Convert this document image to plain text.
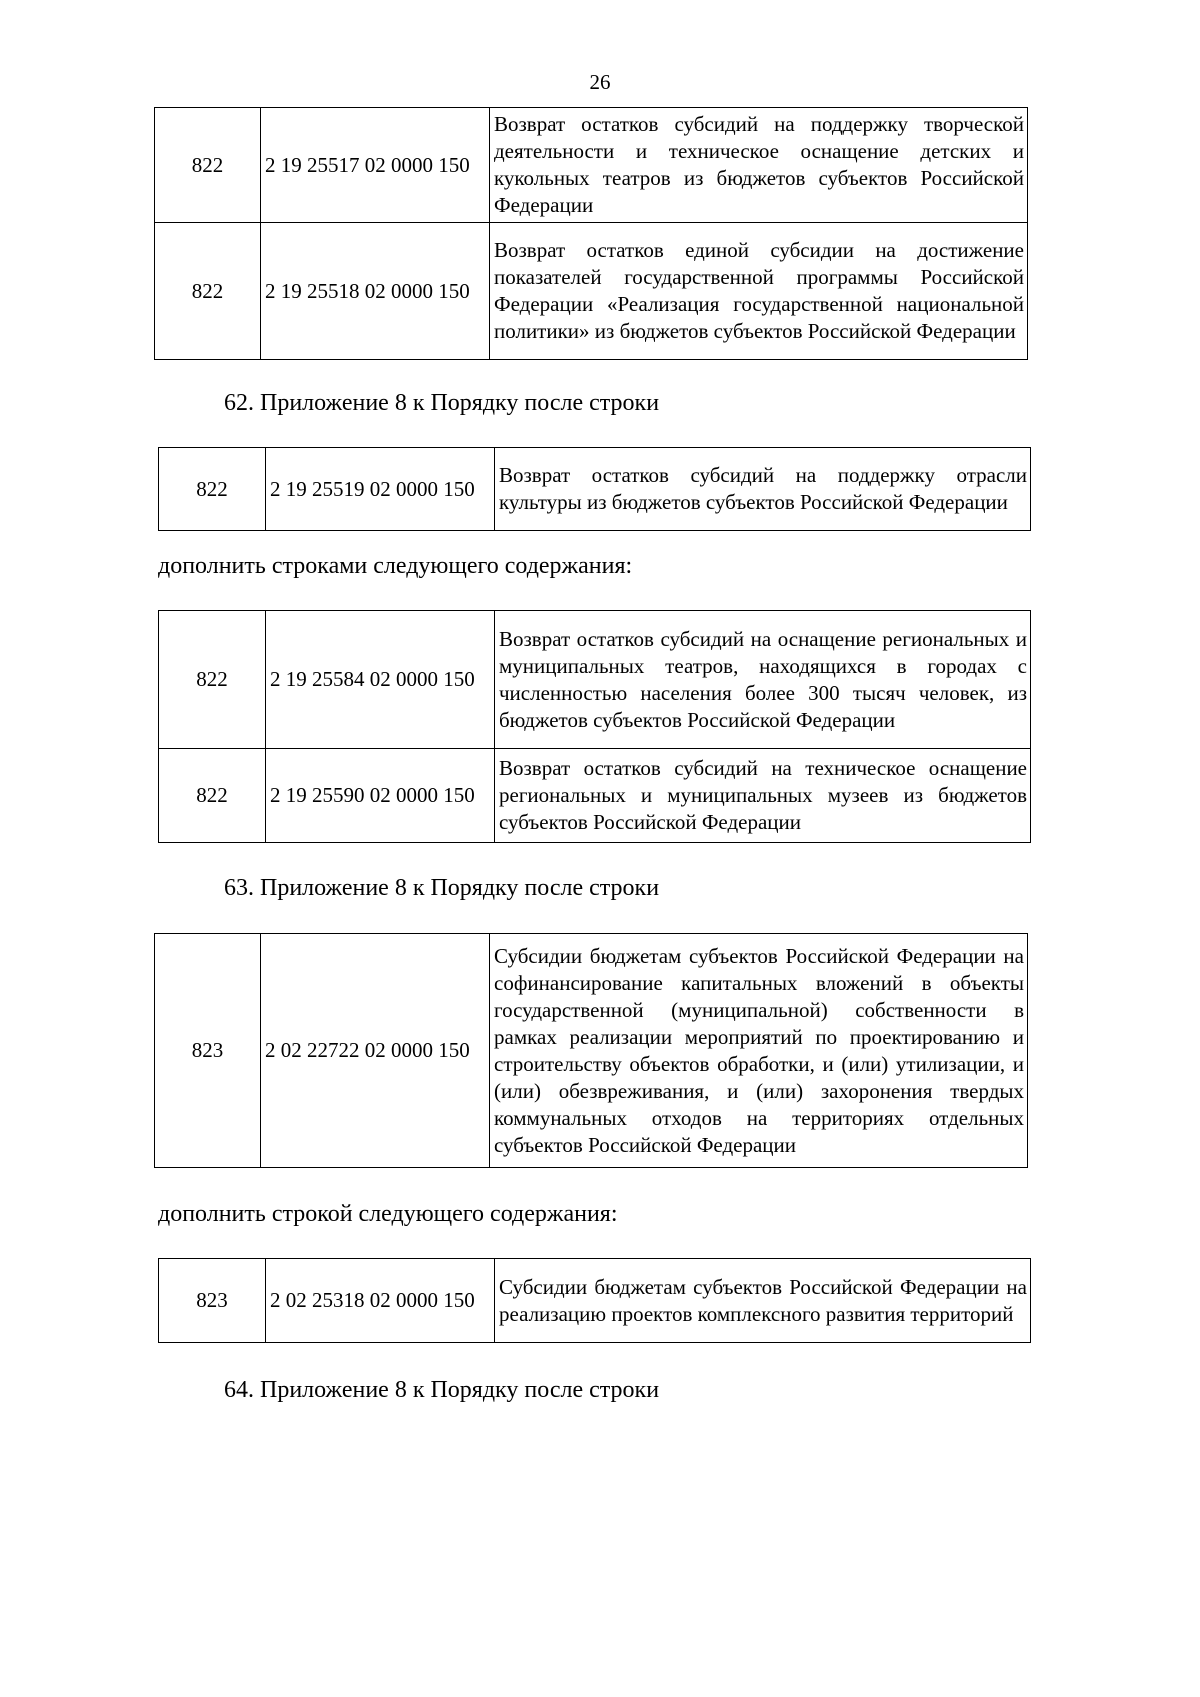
26
822	2 19 25517 02 0000 150	Возврат остатков субсидий на поддержку творческой деятельности и техническое оснащение детских и кукольных театров из бюджетов субъектов Российской Федерации
822	2 19 25518 02 0000 150	Возврат остатков единой субсидии на достижение показателей государственной программы Российской Федерации «Реализация государственной национальной политики» из бюджетов субъектов Российской Федерации
62. Приложение 8 к Порядку после строки
822	2 19 25519 02 0000 150	Возврат остатков субсидий на поддержку отрасли культуры из бюджетов субъектов Российской Федерации
дополнить строками следующего содержания:
822	2 19 25584 02 0000 150	Возврат остатков субсидий на оснащение региональных и муниципальных театров, находящихся в городах с численностью населения более 300 тысяч человек, из бюджетов субъектов Российской Федерации
822	2 19 25590 02 0000 150	Возврат остатков субсидий на техническое оснащение региональных и муниципальных музеев из бюджетов субъектов Российской Федерации
63. Приложение 8 к Порядку после строки
823	2 02 22722 02 0000 150	Субсидии бюджетам субъектов Российской Федерации на софинансирование капитальных вложений в объекты государственной (муниципальной) собственности в рамках реализации мероприятий по проектированию и строительству объектов обработки, и (или) утилизации, и (или) обезвреживания, и (или) захоронения твердых коммунальных отходов на территориях отдельных субъектов Российской Федерации
дополнить строкой следующего содержания:
823	2 02 25318 02 0000 150	Субсидии бюджетам субъектов Российской Федерации на реализацию проектов комплексного развития территорий
64. Приложение 8 к Порядку после строки
